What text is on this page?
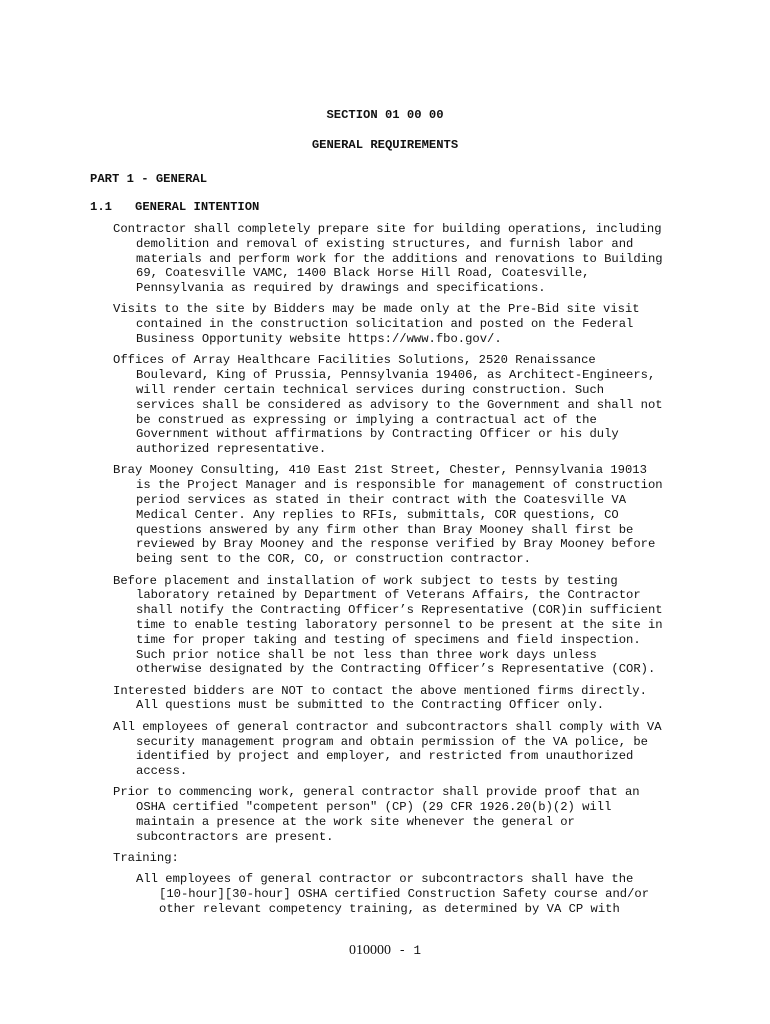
SECTION 01 00 00
GENERAL REQUIREMENTS
PART 1 - GENERAL
1.1 GENERAL INTENTION

Contractor shall completely prepare site for building operations, including
demolition and removal of existing structures, and furnish labor and
materials and perform work for the additions and renovations to Building
69, Coatesville VAMC, 1400 Black Horse Hill Road, Coatesville,
Pennsylvania as required by drawings and specifications.

Visits to the site by Bidders may be made only at the Pre-Bid site visit
contained in the construction solicitation and posted on the Federal
Business Opportunity website https://www.fbo.gov/.

Offices of Array Healthcare Facilities Solutions, 2520 Renaissance
Boulevard, King of Prussia, Pennsylvania 19406, as Architect-Engineers,
will render certain technical services during construction. Such
services shall be considered as advisory to the Government and shall not
be construed as expressing or implying a contractual act of the
Government without affirmations by Contracting Officer or his duly
authorized representative.

Bray Mooney Consulting, 410 East 21st Street, Chester, Pennsylvania 19013
is the Project Manager and is responsible for management of construction
period services as stated in their contract with the Coatesville VA
Medical Center. Any replies to RFIs, submittals, COR questions, CO
questions answered by any firm other than Bray Mooney shall first be
reviewed by Bray Mooney and the response verified by Bray Mooney before
being sent to the COR, CO, or construction contractor.

Before placement and installation of work subject to tests by testing
laboratory retained by Department of Veterans Affairs, the Contractor
shall notify the Contracting Officer’s Representative (COR)in sufficient
time to enable testing laboratory personnel to be present at the site in
time for proper taking and testing of specimens and field inspection.
Such prior notice shall be not less than three work days unless
otherwise designated by the Contracting Officer’s Representative (COR).

Interested bidders are NOT to contact the above mentioned firms directly.
All questions must be submitted to the Contracting Officer only.

All employees of general contractor and subcontractors shall comply with VA
security management program and obtain permission of the VA police, be
identified by project and employer, and restricted from unauthorized
access.

Prior to commencing work, general contractor shall provide proof that an
OSHA certified "competent person" (CP) (29 CFR 1926.20(b)(2) will
maintain a presence at the work site whenever the general or
subcontractors are present.

Training:

All employees of general contractor or subcontractors shall have the
[10-hour][30-hour] OSHA certified Construction Safety course and/or
other relevant competency training, as determined by VA CP with

010000 - 1
